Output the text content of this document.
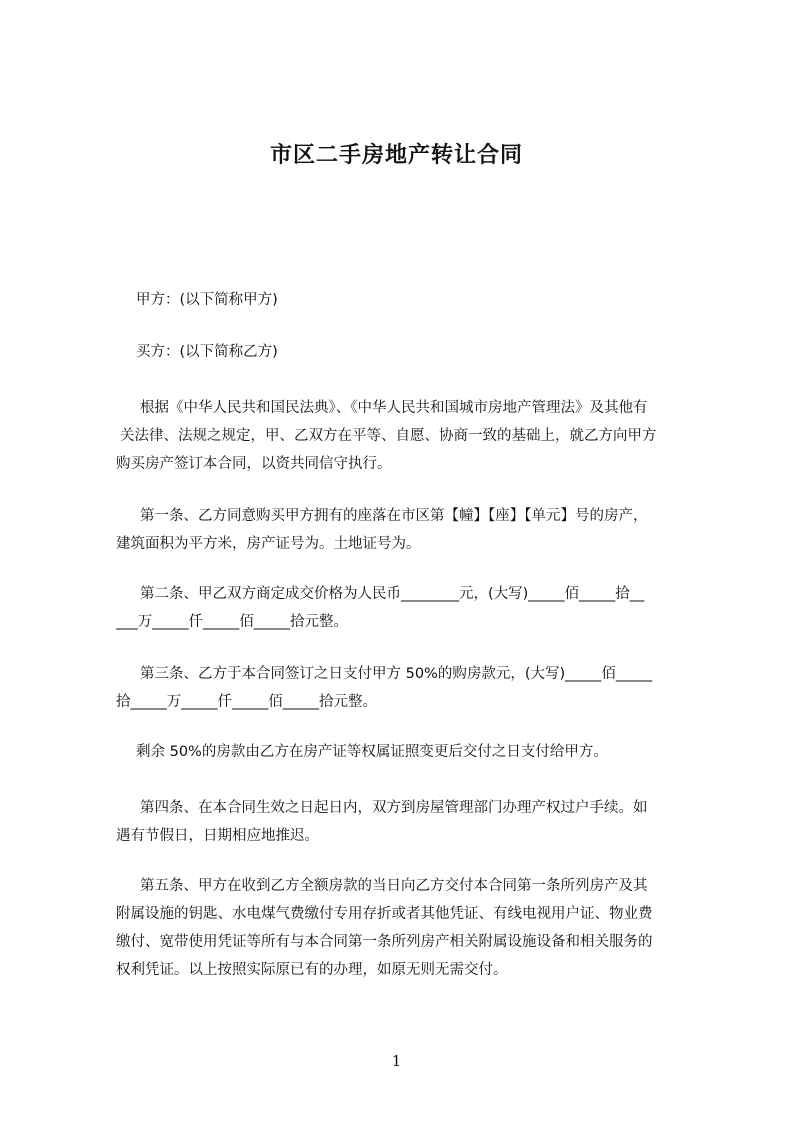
市区二手房地产转让合同

甲方：(以下简称甲方)

买方：(以下简称乙方)

根据《中华人民共和国民法典》、《中华人民共和国城市房地产管理法》及其他有
关法律、法规之规定，甲、乙双方在平等、自愿、协商一致的基础上，就乙方向甲方
购买房产签订本合同，以资共同信守执行。
第一条、乙方同意购买甲方拥有的座落在市区第【幢】【座】【单元】号的房产，
建筑面积为平方米，房产证号为。土地证号为。
第二条、甲乙双方商定成交价格为人民币________元，(大写)_____佰_____拾__
___万_____仟_____佰_____拾元整。
第三条、乙方于本合同签订之日支付甲方 50%的购房款元，(大写)_____佰_____
拾_____万_____仟_____佰_____拾元整。

剩余 50%的房款由乙方在房产证等权属证照变更后交付之日支付给甲方。

第四条、在本合同生效之日起日内，双方到房屋管理部门办理产权过户手续。如
遇有节假日，日期相应地推迟。
第五条、甲方在收到乙方全额房款的当日向乙方交付本合同第一条所列房产及其
附属设施的钥匙、水电煤气费缴付专用存折或者其他凭证、有线电视用户证、物业费
缴付、宽带使用凭证等所有与本合同第一条所列房产相关附属设施设备和相关服务的
权利凭证。以上按照实际原已有的办理，如原无则无需交付。
1
